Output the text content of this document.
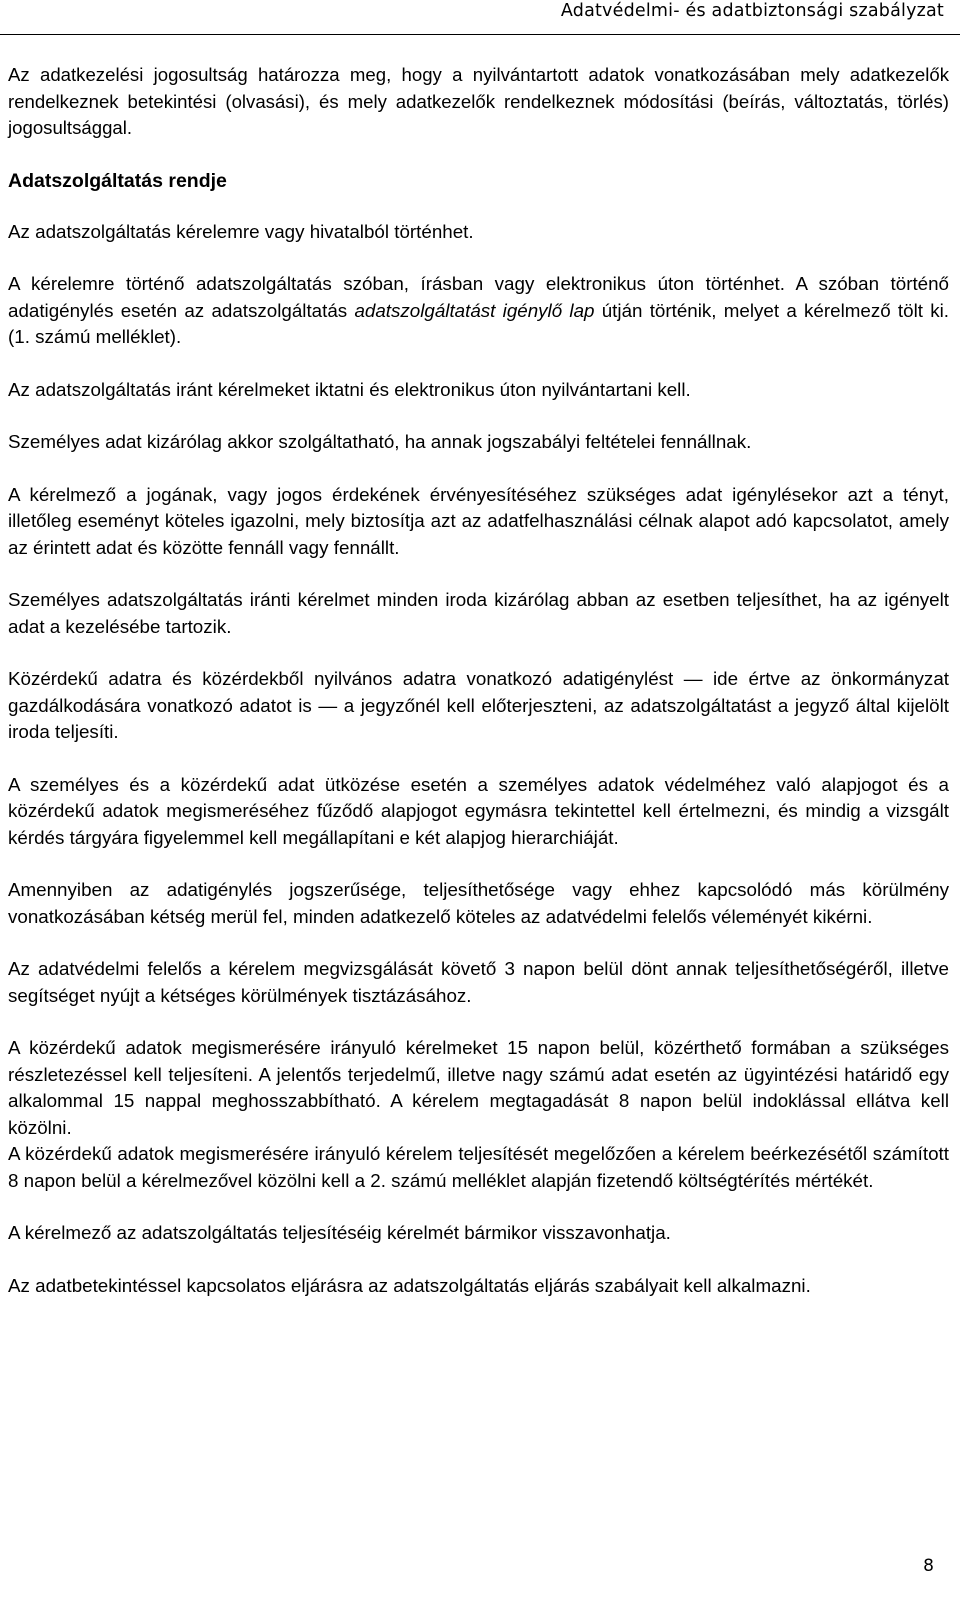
Adatvédelmi- és adatbiztonsági szabályzat

Az adatkezelési jogosultság határozza meg, hogy a nyilvántartott adatok vonatkozásában mely adatkezelők rendelkeznek betekintési (olvasási), és mely adatkezelők rendelkeznek módosítási (beírás, változtatás, törlés) jogosultsággal.

Adatszolgáltatás rendje

Az adatszolgáltatás kérelemre vagy hivatalból történhet.

A kérelemre történő adatszolgáltatás szóban, írásban vagy elektronikus úton történhet. A szóban történő adatigénylés esetén az adatszolgáltatás adatszolgáltatást igénylő lap útján történik, melyet a kérelmező tölt ki. (1. számú melléklet).

Az adatszolgáltatás iránt kérelmeket iktatni és elektronikus úton nyilvántartani kell.

Személyes adat kizárólag akkor szolgáltatható, ha annak jogszabályi feltételei fennállnak.

A kérelmező a jogának, vagy jogos érdekének érvényesítéséhez szükséges adat igénylésekor azt a tényt, illetőleg eseményt köteles igazolni, mely biztosítja azt az adatfelhasználási célnak alapot adó kapcsolatot, amely az érintett adat és közötte fennáll vagy fennállt.

Személyes adatszolgáltatás iránti kérelmet minden iroda kizárólag abban az esetben teljesíthet, ha az igényelt adat a kezelésébe tartozik.

Közérdekű adatra és közérdekből nyilvános adatra vonatkozó adatigénylést — ide értve az önkormányzat gazdálkodására vonatkozó adatot is — a jegyzőnél kell előterjeszteni, az adatszolgáltatást a jegyző által kijelölt iroda teljesíti.

A személyes és a közérdekű adat ütközése esetén a személyes adatok védelméhez való alapjogot és a közérdekű adatok megismeréséhez fűződő alapjogot egymásra tekintettel kell értelmezni, és mindig a vizsgált kérdés tárgyára figyelemmel kell megállapítani e két alapjog hierarchiáját.

Amennyiben az adatigénylés jogszerűsége, teljesíthetősége vagy ehhez kapcsolódó más körülmény vonatkozásában kétség merül fel, minden adatkezelő köteles az adatvédelmi felelős véleményét kikérni.

Az adatvédelmi felelős a kérelem megvizsgálását követő 3 napon belül dönt annak teljesíthetőségéről, illetve segítséget nyújt a kétséges körülmények tisztázásához.

A közérdekű adatok megismerésére irányuló kérelmeket 15 napon belül, közérthető formában a szükséges részletezéssel kell teljesíteni. A jelentős terjedelmű, illetve nagy számú adat esetén az ügyintézési határidő egy alkalommal 15 nappal meghosszabbítható. A kérelem megtagadását 8 napon belül indoklással ellátva kell közölni.

A közérdekű adatok megismerésére irányuló kérelem teljesítését megelőzően a kérelem beérkezésétől számított 8 napon belül a kérelmezővel közölni kell a 2. számú melléklet alapján fizetendő költségtérítés mértékét.

A kérelmező az adatszolgáltatás teljesítéséig kérelmét bármikor visszavonhatja.

Az adatbetekintéssel kapcsolatos eljárásra az adatszolgáltatás eljárás szabályait kell alkalmazni.

8
